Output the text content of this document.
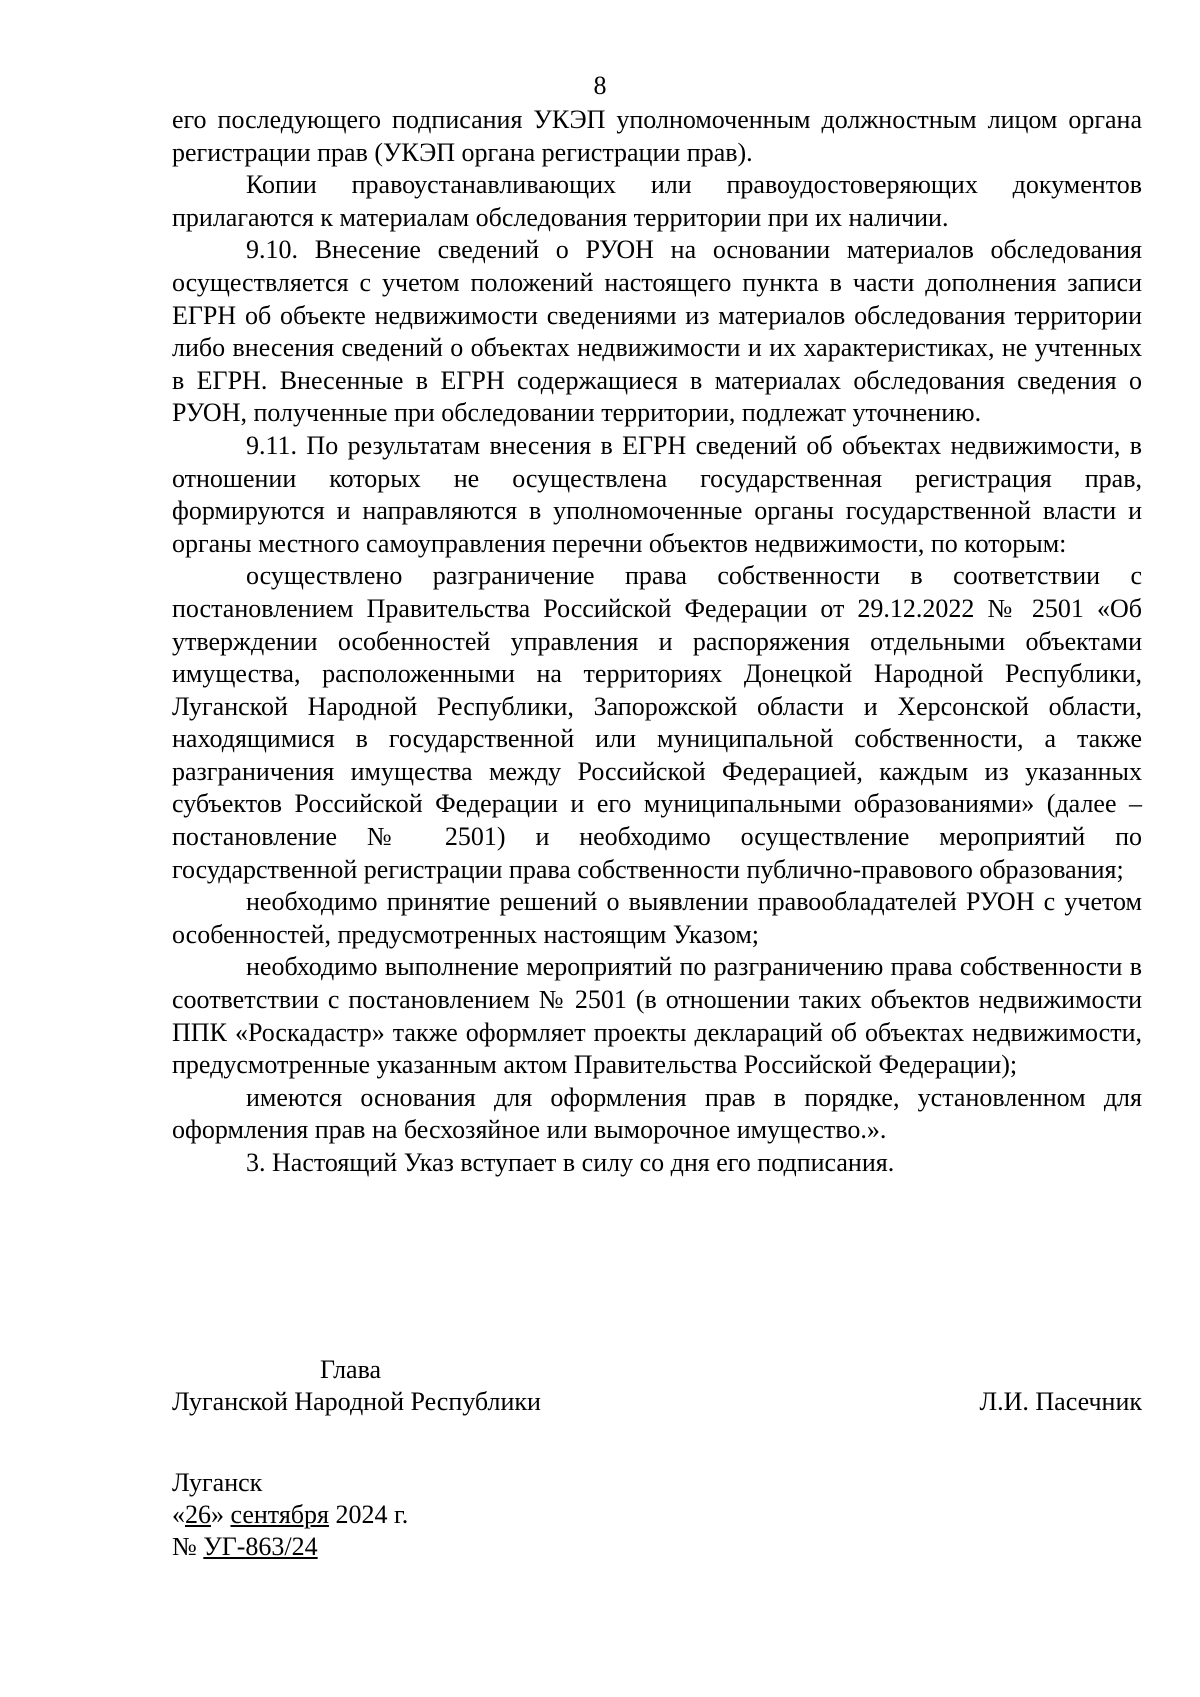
8

его последующего подписания УКЭП уполномоченным должностным лицом органа регистрации прав (УКЭП органа регистрации прав).

Копии правоустанавливающих или правоудостоверяющих документов прилагаются к материалам обследования территории при их наличии.

9.10. Внесение сведений о РУОН на основании материалов обследования осуществляется с учетом положений настоящего пункта в части дополнения записи ЕГРН об объекте недвижимости сведениями из материалов обследования территории либо внесения сведений о объектах недвижимости и их характеристиках, не учтенных в ЕГРН. Внесенные в ЕГРН содержащиеся в материалах обследования сведения о РУОН, полученные при обследовании территории, подлежат уточнению.

9.11. По результатам внесения в ЕГРН сведений об объектах недвижимости, в отношении которых не осуществлена государственная регистрация прав, формируются и направляются в уполномоченные органы государственной власти и органы местного самоуправления перечни объектов недвижимости, по которым:

осуществлено разграничение права собственности в соответствии с постановлением Правительства Российской Федерации от 29.12.2022 № 2501 «Об утверждении особенностей управления и распоряжения отдельными объектами имущества, расположенными на территориях Донецкой Народной Республики, Луганской Народной Республики, Запорожской области и Херсонской области, находящимися в государственной или муниципальной собственности, а также разграничения имущества между Российской Федерацией, каждым из указанных субъектов Российской Федерации и его муниципальными образованиями» (далее – постановление № 2501) и необходимо осуществление мероприятий по государственной регистрации права собственности публично-правового образования;

необходимо принятие решений о выявлении правообладателей РУОН с учетом особенностей, предусмотренных настоящим Указом;

необходимо выполнение мероприятий по разграничению права собственности в соответствии с постановлением № 2501 (в отношении таких объектов недвижимости ППК «Роскадастр» также оформляет проекты деклараций об объектах недвижимости, предусмотренные указанным актом Правительства Российской Федерации);

имеются основания для оформления прав в порядке, установленном для оформления прав на бесхозяйное или выморочное имущество.».

3. Настоящий Указ вступает в силу со дня его подписания.

Глава
Луганской Народной Республики	Л.И. Пасечник
Луганск
«26» сентября 2024 г.
№ УГ-863/24
